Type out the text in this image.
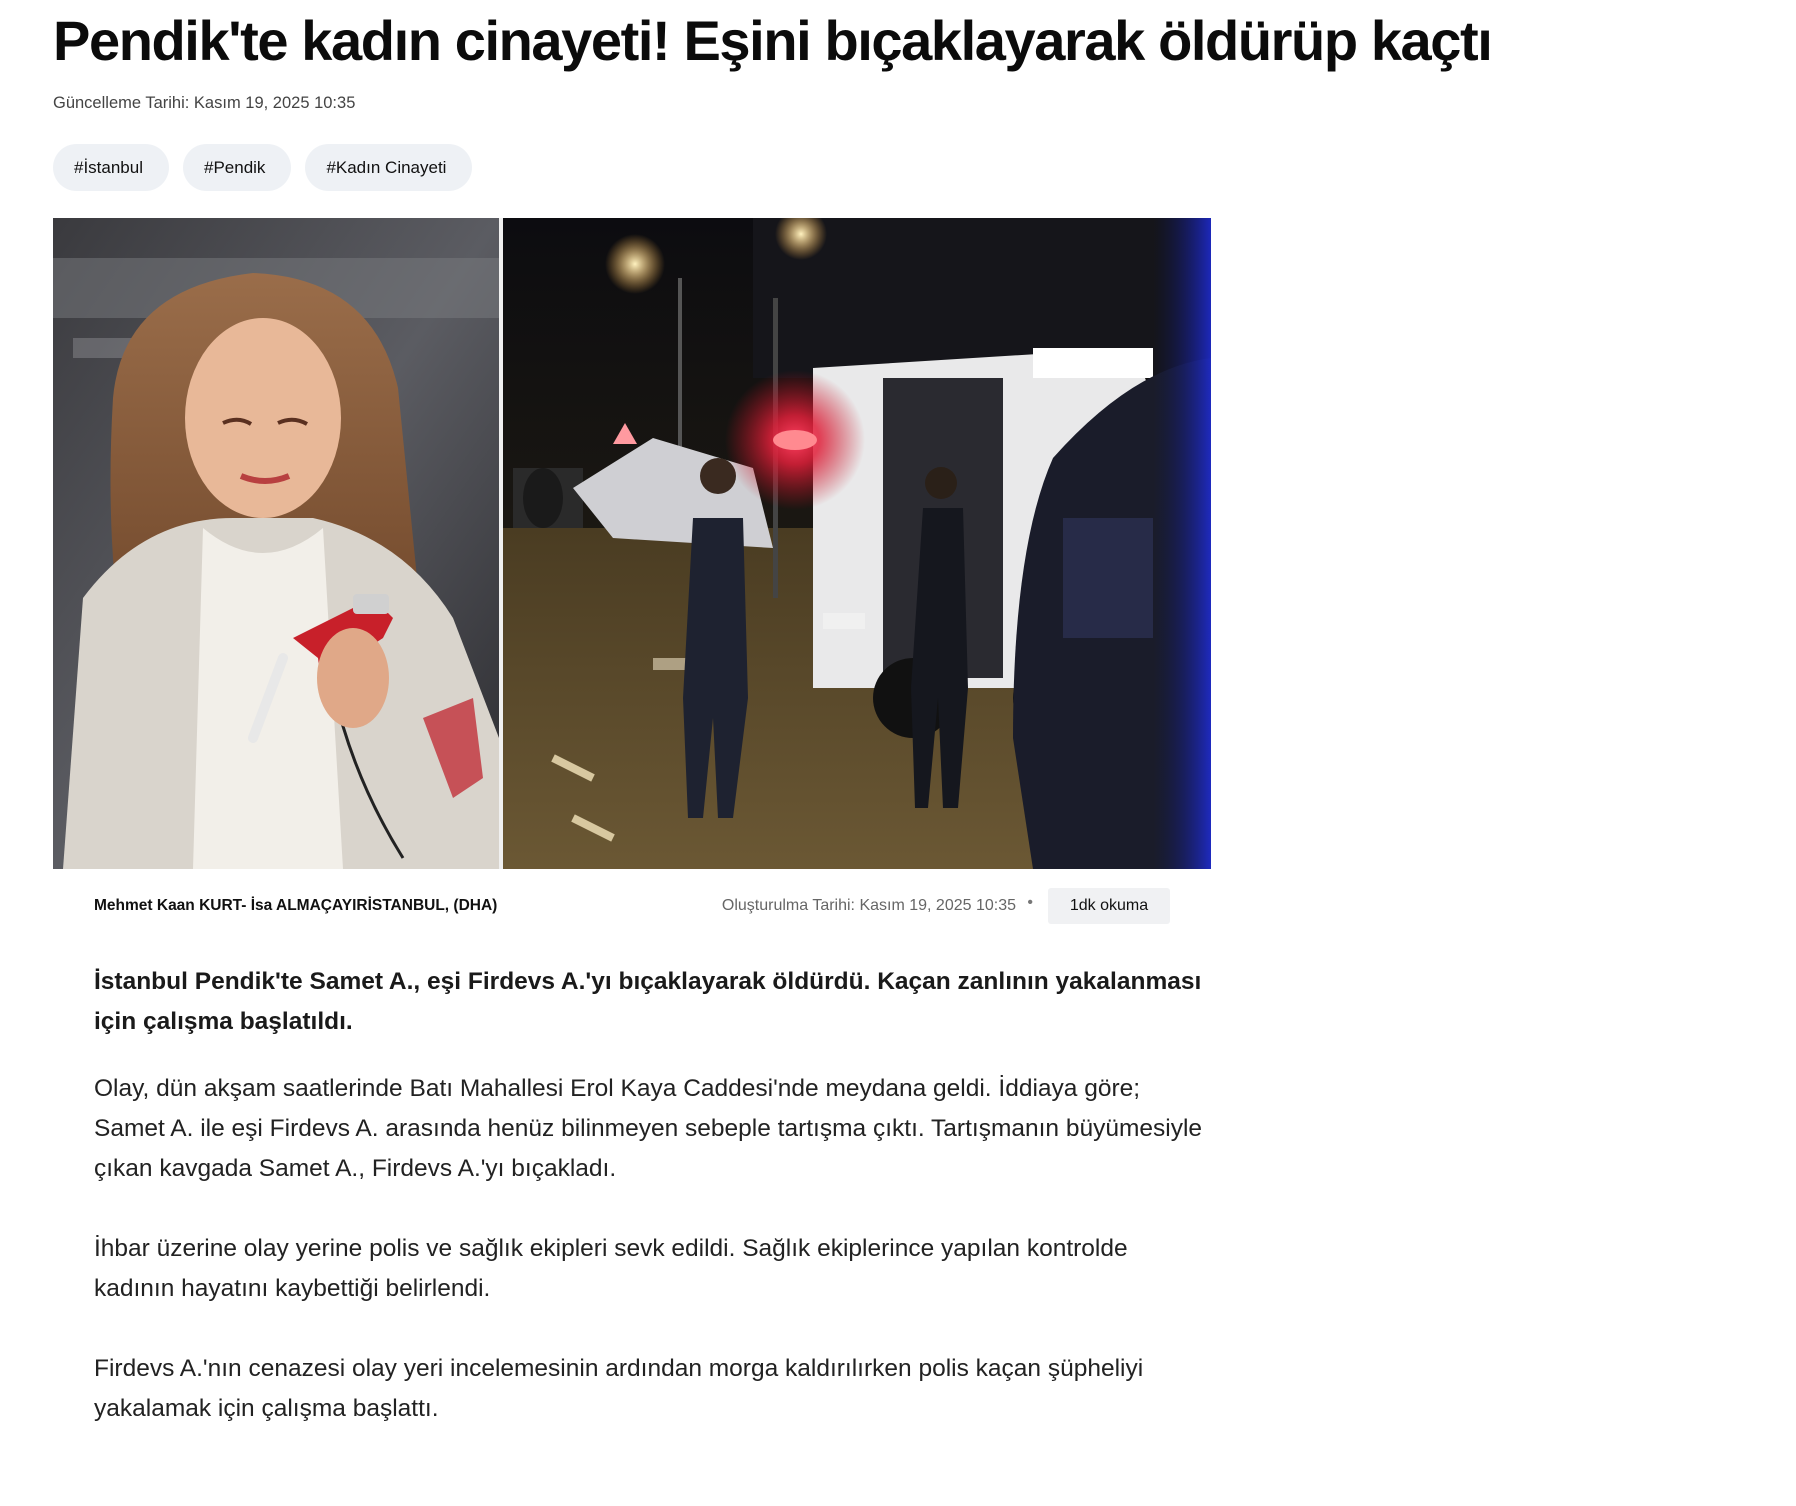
Pendik'te kadın cinayeti! Eşini bıçaklayarak öldürüp kaçtı
Güncelleme Tarihi: Kasım 19, 2025 10:35
#İstanbul	#Pendik	#Kadın Cinayeti
Mehmet Kaan KURT- İsa ALMAÇAYIRİSTANBUL, (DHA)	Oluşturulma Tarihi: Kasım 19, 2025 10:35 •	1dk okuma

İstanbul Pendik'te Samet A., eşi Firdevs A.'yı bıçaklayarak öldürdü. Kaçan zanlının yakalanması için çalışma başlatıldı.

Olay, dün akşam saatlerinde Batı Mahallesi Erol Kaya Caddesi'nde meydana geldi. İddiaya göre; Samet A. ile eşi Firdevs A. arasında henüz bilinmeyen sebeple tartışma çıktı. Tartışmanın büyümesiyle çıkan kavgada Samet A., Firdevs A.'yı bıçakladı.

İhbar üzerine olay yerine polis ve sağlık ekipleri sevk edildi. Sağlık ekiplerince yapılan kontrolde kadının hayatını kaybettiği belirlendi.

Firdevs A.'nın cenazesi olay yeri incelemesinin ardından morga kaldırılırken polis kaçan şüpheliyi yakalamak için çalışma başlattı.
